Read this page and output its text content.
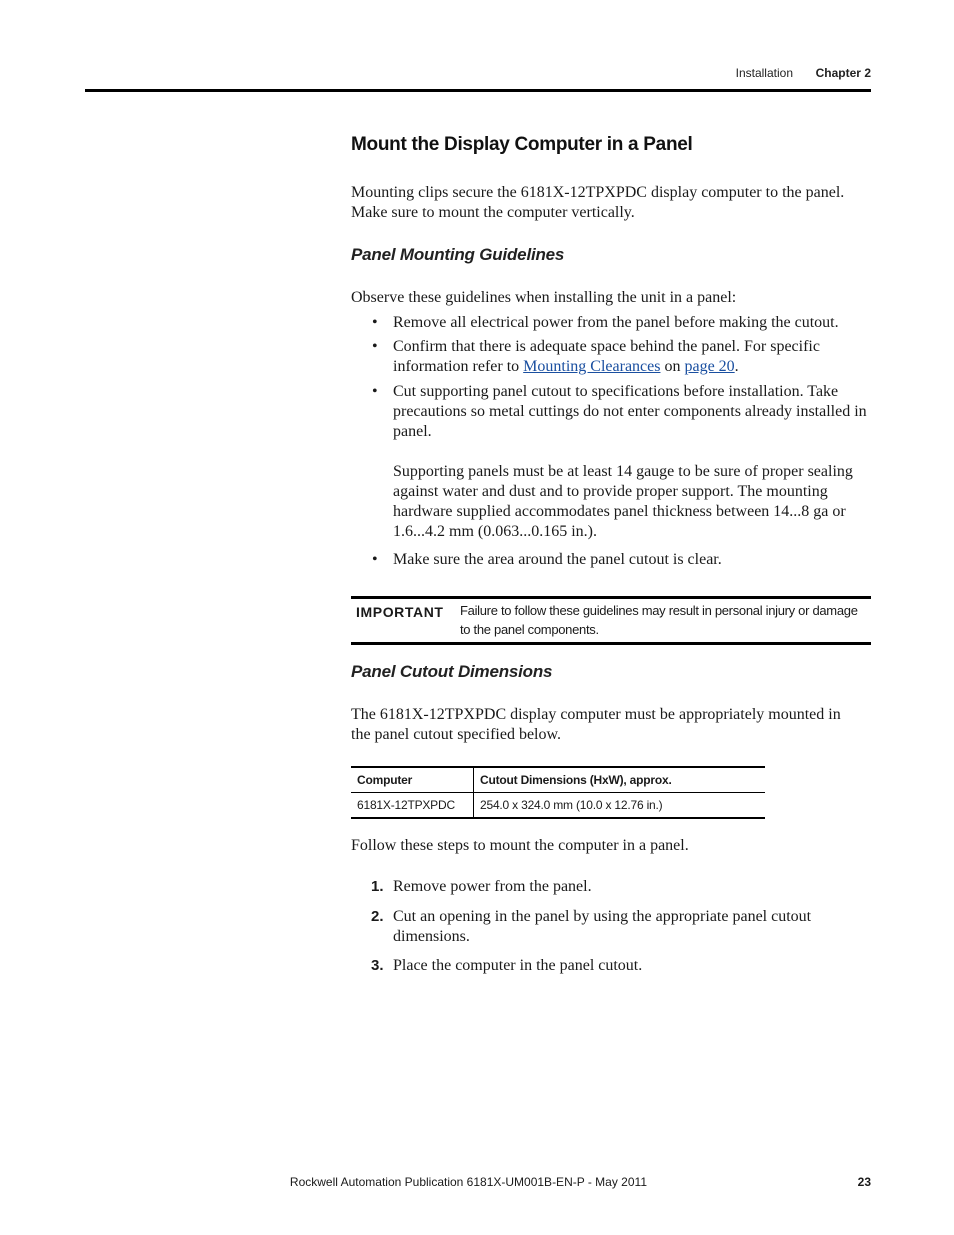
Installation Chapter 2
Mount the Display Computer in a Panel

Mounting clips secure the 6181X-12TPXPDC display computer to the panel.
Make sure to mount the computer vertically.

Panel Mounting Guidelines

Observe these guidelines when installing the unit in a panel:

• Remove all electrical power from the panel before making the cutout.
• Confirm that there is adequate space behind the panel. For specific
information refer to Mounting Clearances on page 20.
• Cut supporting panel cutout to specifications before installation. Take
precautions so metal cuttings do not enter components already installed in
panel.

Supporting panels must be at least 14 gauge to be sure of proper sealing
against water and dust and to provide proper support. The mounting
hardware supplied accommodates panel thickness between 14...8 ga or
1.6...4.2 mm (0.063...0.165 in.).
• Make sure the area around the panel cutout is clear.
IMPORTANT Failure to follow these guidelines may result in personal injury or damage
to the panel components.
Panel Cutout Dimensions

The 6181X-12TPXPDC display computer must be appropriately mounted in
the panel cutout specified below.

Computer	Cutout Dimensions (HxW), approx.
6181X-12TPXPDC	254.0 x 324.0 mm (10.0 x 12.76 in.)

Follow these steps to mount the computer in a panel.

1. Remove power from the panel.
2. Cut an opening in the panel by using the appropriate panel cutout
dimensions.
3. Place the computer in the panel cutout.
Rockwell Automation Publication 6181X-UM001B-EN-P - May 2011	23
